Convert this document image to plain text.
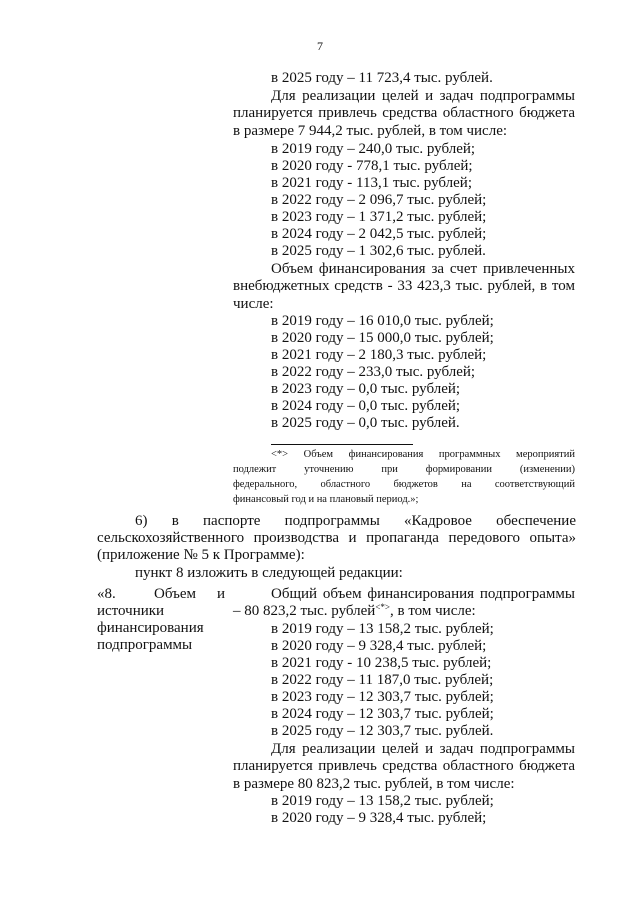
7
в 2025 году – 11 723,4 тыс. рублей.
Для реализации целей и задач подпрограммы
планируется привлечь средства областного бюджета
в размере 7 944,2 тыс. рублей, в том числе:
в 2019 году – 240,0 тыс. рублей;
в 2020 году - 778,1 тыс. рублей;
в 2021 году - 113,1 тыс. рублей;
в 2022 году – 2 096,7 тыс. рублей;
в 2023 году – 1 371,2 тыс. рублей;
в 2024 году – 2 042,5 тыс. рублей;
в 2025 году – 1 302,6 тыс. рублей.
Объем финансирования за счет привлеченных
внебюджетных средств - 33 423,3 тыс. рублей, в том
числе:
в 2019 году – 16 010,0 тыс. рублей;
в 2020 году – 15 000,0 тыс. рублей;
в 2021 году – 2 180,3 тыс. рублей;
в 2022 году – 233,0 тыс. рублей;
в 2023 году – 0,0 тыс. рублей;
в 2024 году – 0,0 тыс. рублей;
в 2025 году – 0,0 тыс. рублей.
<*> Объем финансирования программных мероприятий
подлежит уточнению при формировании (изменении)
федерального, областного бюджетов на соответствующий
финансовый год и на плановый период.»;
6) в паспорте подпрограммы «Кадровое обеспечение
сельскохозяйственного производства и пропаганда передового опыта»
(приложение № 5 к Программе):
пункт 8 изложить в следующей редакции:
«8.	Объем и
источники
финансирования
подпрограммы
Общий объем финансирования подпрограммы
– 80 823,2 тыс. рублей<*>, в том числе:
в 2019 году – 13 158,2 тыс. рублей;
в 2020 году – 9 328,4 тыс. рублей;
в 2021 году - 10 238,5 тыс. рублей;
в 2022 году – 11 187,0 тыс. рублей;
в 2023 году – 12 303,7 тыс. рублей;
в 2024 году – 12 303,7 тыс. рублей;
в 2025 году – 12 303,7 тыс. рублей.
Для реализации целей и задач подпрограммы
планируется привлечь средства областного бюджета
в размере 80 823,2 тыс. рублей, в том числе:
в 2019 году – 13 158,2 тыс. рублей;
в 2020 году – 9 328,4 тыс. рублей;
